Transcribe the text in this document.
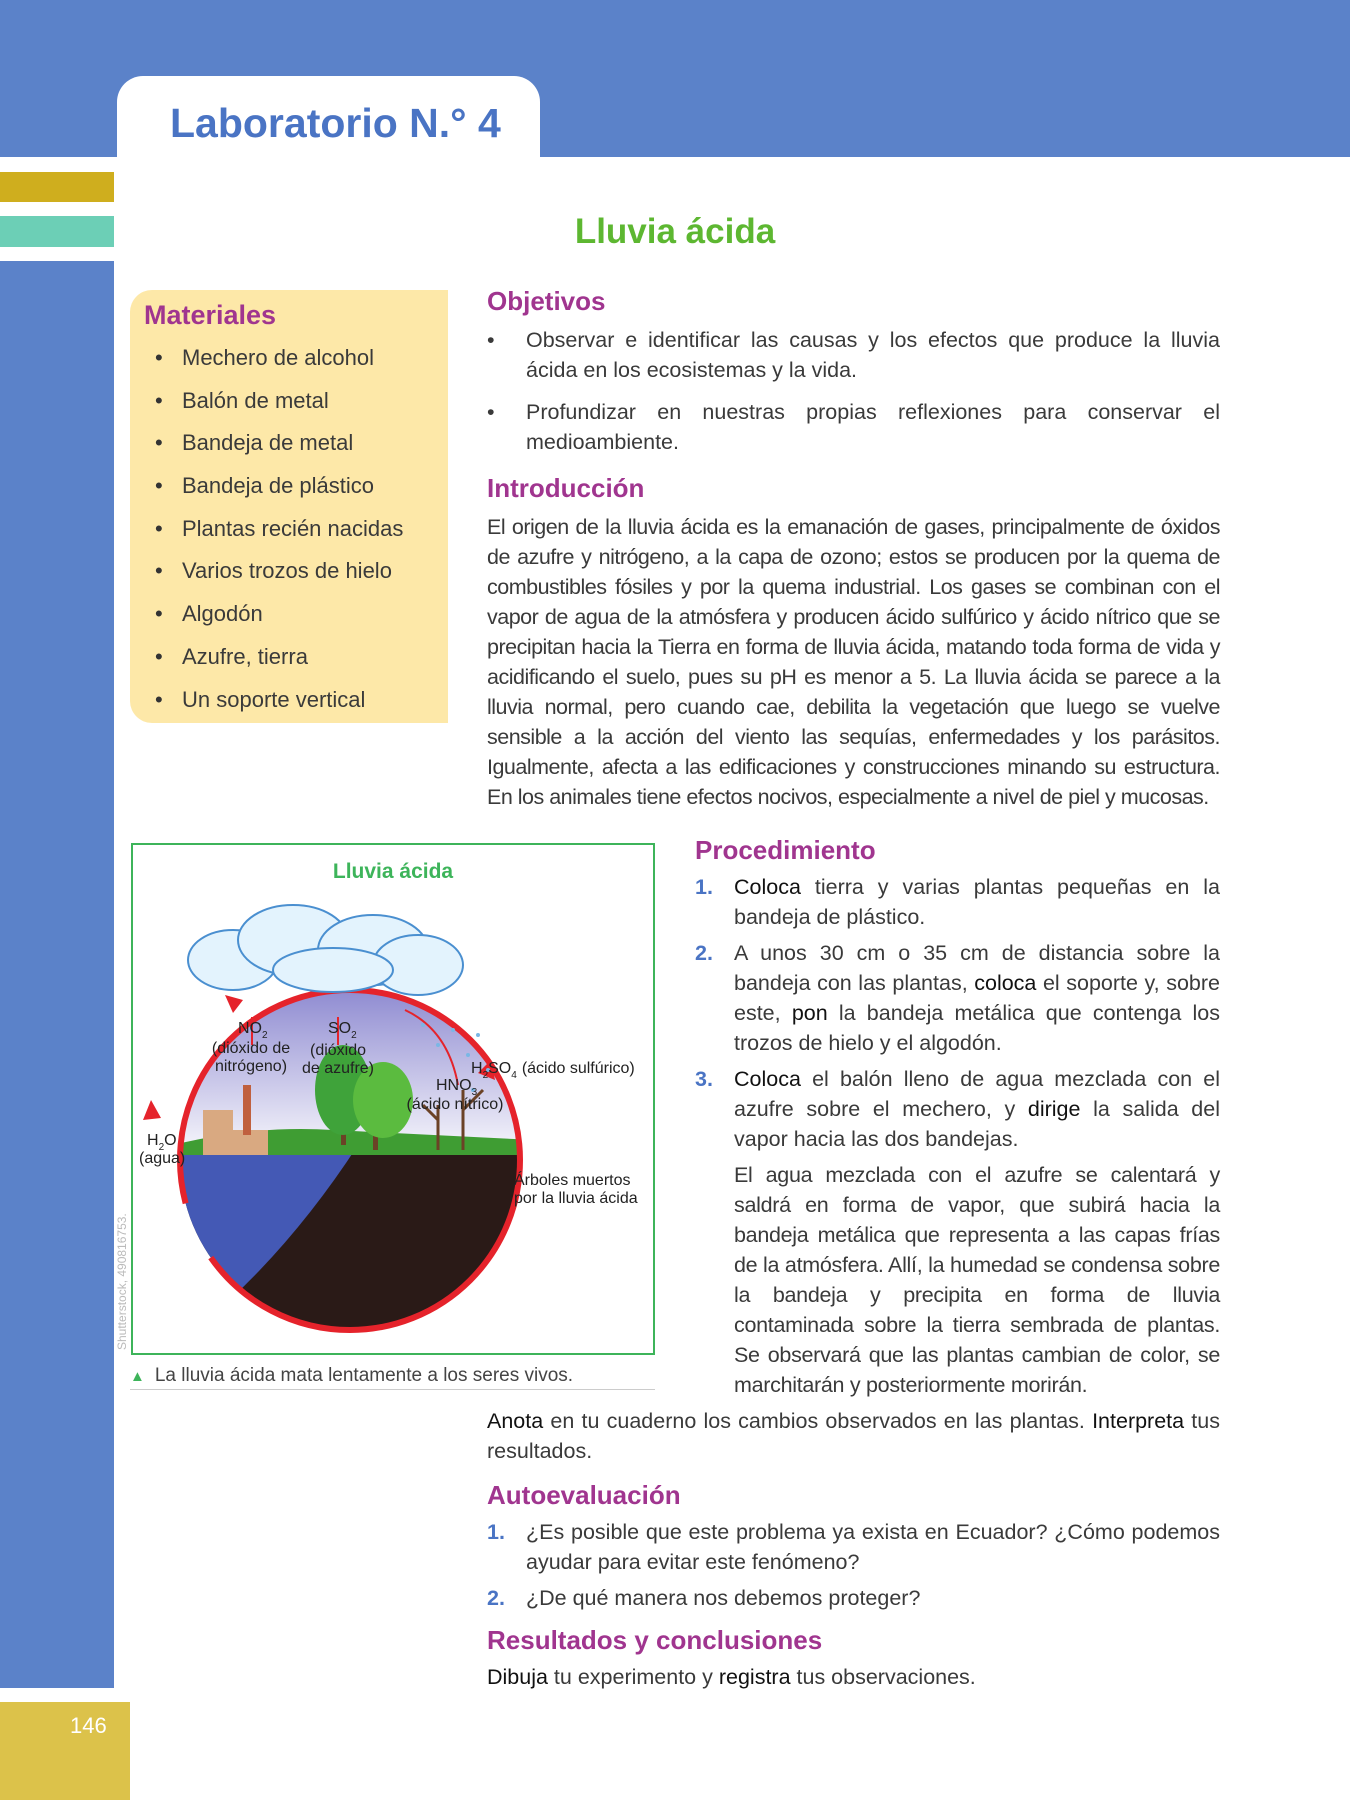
Laboratorio N.° 4
146
Lluvia ácida
Materiales
• Mechero de alcohol
• Balón de metal
• Bandeja de metal
• Bandeja de plástico
• Plantas recién nacidas
• Varios trozos de hielo
• Algodón
• Azufre, tierra
• Un soporte vertical
Objetivos
• Observar e identificar las causas y los efectos que produce la lluvia ácida en los ecosistemas y la vida.
• Profundizar en nuestras propias reflexiones para conservar el medioambiente.
Introducción
El origen de la lluvia ácida es la emanación de gases, principalmente de óxidos de azufre y nitrógeno, a la capa de ozono; estos se producen por la quema de combustibles fósiles y por la quema industrial. Los gases se combinan con el vapor de agua de la atmósfera y producen ácido sulfúrico y ácido nítrico que se precipitan hacia la Tierra en forma de lluvia ácida, matando toda forma de vida y acidificando el suelo, pues su pH es menor a 5. La lluvia ácida se parece a la lluvia normal, pero cuando cae, debilita la vegetación que luego se vuelve sensible a la acción del viento las sequías, enfermedades y los parásitos. Igualmente, afecta a las edificaciones y construcciones minando su estructura. En los animales tiene efectos nocivos, especialmente a nivel de piel y mucosas.
Lluvia ácida
$NO_2$
(dióxido de
nitrógeno)
$SO_2$
(dióxido
de azufre)	$H_2SO_4$ (ácido sulfúrico)
$HNO_3$
(ácido nítrico)
$H_2O$
(agua)
Árboles muertos
por la lluvia ácida
Shutterstock, 490816753.
▲ La lluvia ácida mata lentamente a los seres vivos.
Procedimiento
1. Coloca tierra y varias plantas pequeñas en la bandeja de plástico.
2. A unos 30 cm o 35 cm de distancia sobre la bandeja con las plantas, coloca el soporte y, sobre este, pon la bandeja metálica que contenga los trozos de hielo y el algodón.
3. Coloca el balón lleno de agua mezclada con el azufre sobre el mechero, y dirige la salida del vapor hacia las dos bandejas.
El agua mezclada con el azufre se calentará y saldrá en forma de vapor, que subirá hacia la bandeja metálica que representa a las capas frías de la atmósfera. Allí, la humedad se condensa sobre la bandeja y precipita en forma de lluvia contaminada sobre la tierra sembrada de plantas. Se observará que las plantas cambian de color, se marchitarán y posteriormente morirán.
Anota en tu cuaderno los cambios observados en las plantas. Interpreta tus resultados.
Autoevaluación
1. ¿Es posible que este problema ya exista en Ecuador? ¿Cómo podemos ayudar para evitar este fenómeno?
2. ¿De qué manera nos debemos proteger?
Resultados y conclusiones
Dibuja tu experimento y registra tus observaciones.
